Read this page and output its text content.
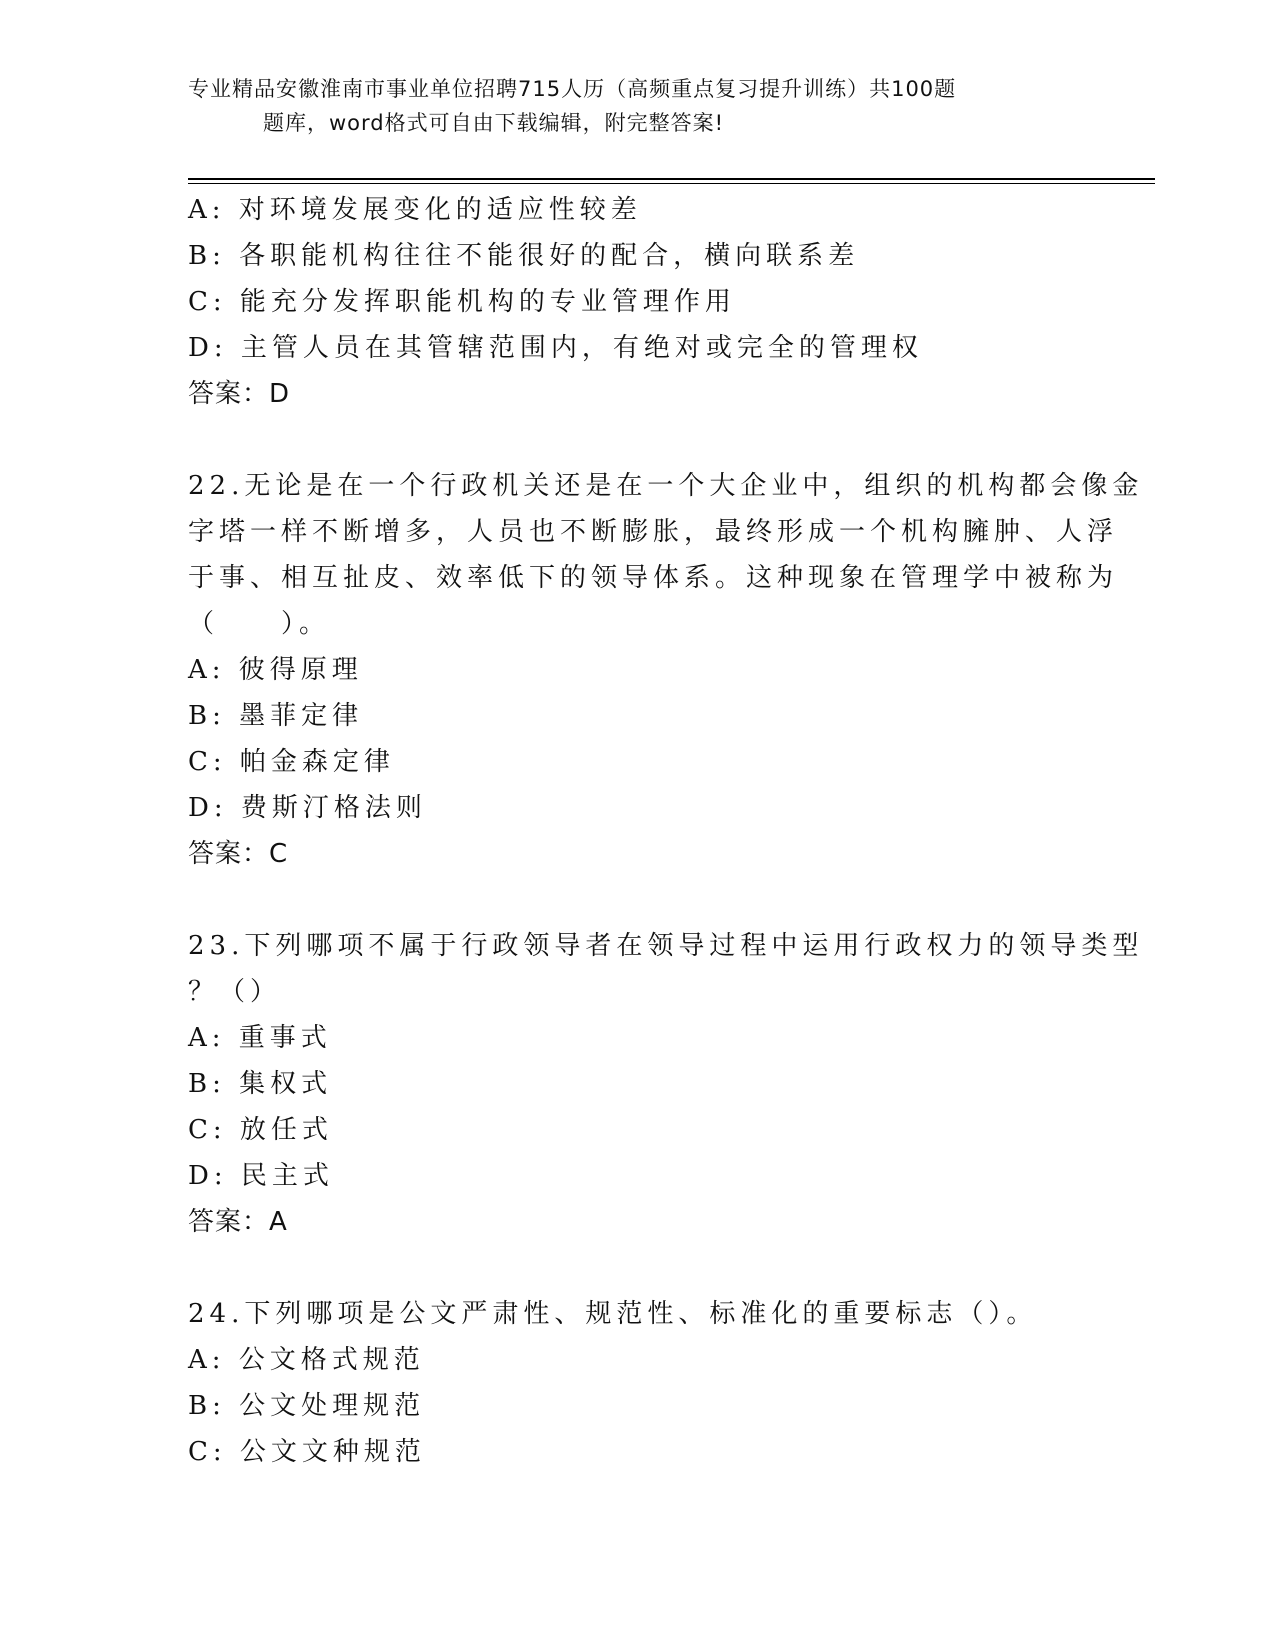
专业精品安徽淮南市事业单位招聘715人历（高频重点复习提升训练）共100题
题库，word格式可自由下载编辑，附完整答案!
A: 对环境发展变化的适应性较差
B: 各职能机构往往不能很好的配合，横向联系差
C: 能充分发挥职能机构的专业管理作用
D: 主管人员在其管辖范围内，有绝对或完全的管理权
答案：D
22.无论是在一个行政机关还是在一个大企业中，组织的机构都会像金
字塔一样不断增多，人员也不断膨胀，最终形成一个机构臃肿、人浮
于事、相互扯皮、效率低下的领导体系。这种现象在管理学中被称为
（　　）。
A: 彼得原理
B: 墨菲定律
C: 帕金森定律
D: 费斯汀格法则
答案：C
23.下列哪项不属于行政领导者在领导过程中运用行政权力的领导类型
？（）
A: 重事式
B: 集权式
C: 放任式
D: 民主式
答案：A
24.下列哪项是公文严肃性、规范性、标准化的重要标志（）。
A: 公文格式规范
B: 公文处理规范
C: 公文文种规范
